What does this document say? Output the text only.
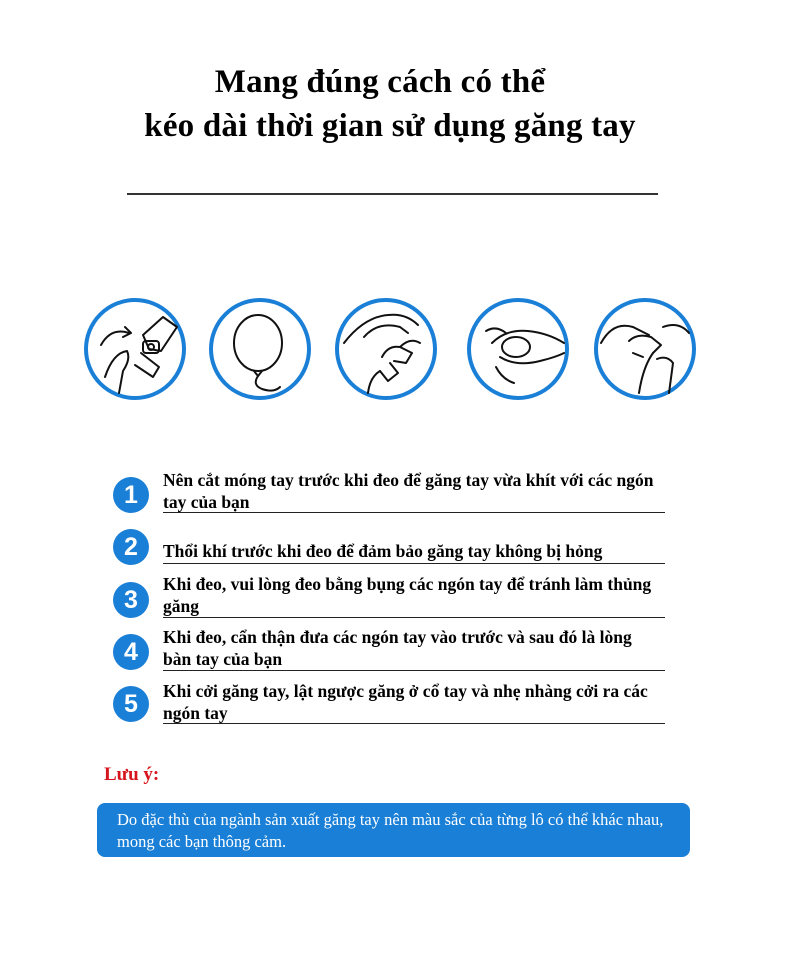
Mang đúng cách có thể
kéo dài thời gian sử dụng găng tay
1
Nên cắt móng tay trước khi đeo để găng tay vừa khít với các ngón tay của bạn
2	Thổi khí trước khi đeo để đảm bảo găng tay không bị hỏng
3
Khi đeo, vui lòng đeo bằng bụng các ngón tay để tránh làm thủng găng
4
Khi đeo, cẩn thận đưa các ngón tay vào trước và sau đó là lòng bàn tay của bạn
5	Khi cởi găng tay, lật ngược găng ở cổ tay và nhẹ nhàng cởi ra các ngón tay
Lưu ý:
Do đặc thù của ngành sản xuất găng tay nên màu sắc của từng lô có thể khác nhau, mong các bạn thông cảm.
